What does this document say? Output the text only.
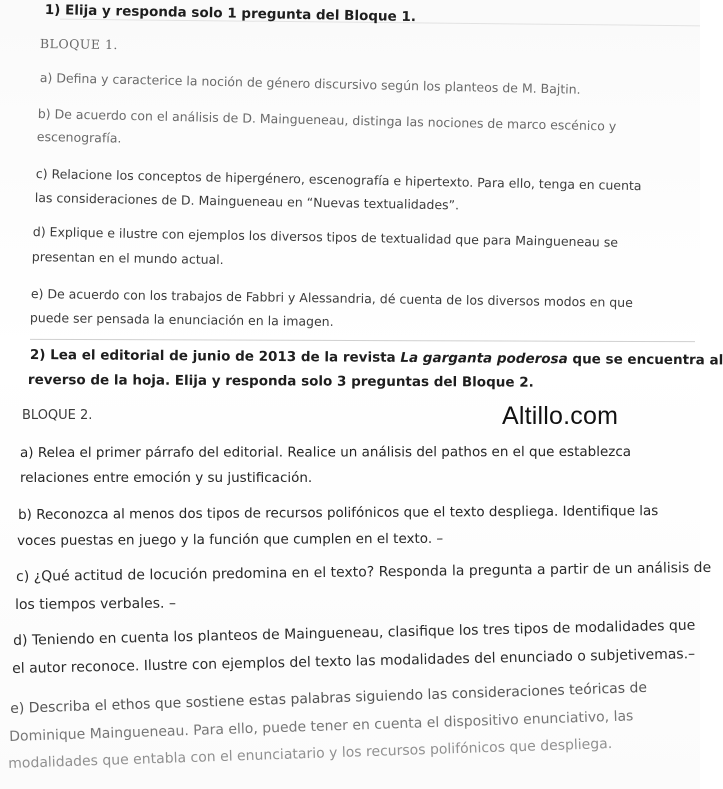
1) Elija y responda solo 1 pregunta del Bloque 1.
BLOQUE 1.
a) Defina y caracterice la noción de género discursivo según los planteos de M. Bajtin.
b) De acuerdo con el análisis de D. Maingueneau, distinga las nociones de marco escénico y
escenografía.
c) Relacione los conceptos de hipergénero, escenografía e hipertexto. Para ello, tenga en cuenta
las consideraciones de D. Maingueneau en “Nuevas textualidades”.
d) Explique e ilustre con ejemplos los diversos tipos de textualidad que para Maingueneau se
presentan en el mundo actual.
e) De acuerdo con los trabajos de Fabbri y Alessandria, dé cuenta de los diversos modos en que
puede ser pensada la enunciación en la imagen.
2) Lea el editorial de junio de 2013 de la revista La garganta poderosa que se encuentra al
reverso de la hoja. Elija y responda solo 3 preguntas del Bloque 2.
BLOQUE 2.	Altillo.com
a) Relea el primer párrafo del editorial. Realice un análisis del pathos en el que establezca
relaciones entre emoción y su justificación.
b) Reconozca al menos dos tipos de recursos polifónicos que el texto despliega. Identifique las
voces puestas en juego y la función que cumplen en el texto. –
c) ¿Qué actitud de locución predomina en el texto? Responda la pregunta a partir de un análisis de
los tiempos verbales. –
d) Teniendo en cuenta los planteos de Maingueneau, clasifique los tres tipos de modalidades que
el autor reconoce. Ilustre con ejemplos del texto las modalidades del enunciado o subjetivemas.–
e) Describa el ethos que sostiene estas palabras siguiendo las consideraciones teóricas de
Dominique Maingueneau. Para ello, puede tener en cuenta el dispositivo enunciativo, las
modalidades que entabla con el enunciatario y los recursos polifónicos que despliega.
